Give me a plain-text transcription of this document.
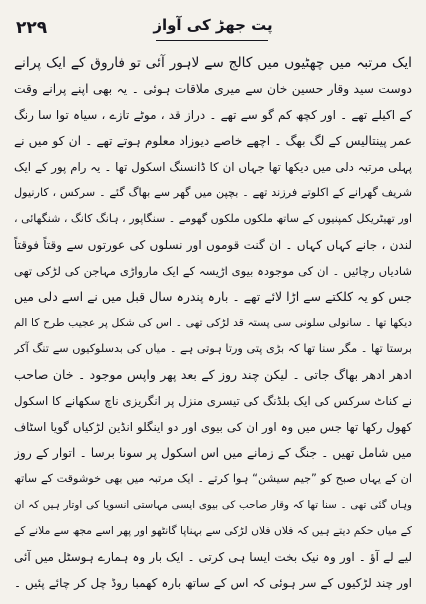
۲۲۹	پت جھڑ کی آواز
ایک مرتبہ میں چھٹیوں میں کالج سے لاہور آئی تو فاروق کے ایک پرانے
دوست سید وقار حسین خان سے میری ملاقات ہوئی ۔ یہ بھی اپنے پرانے وقت
کے اکیلے تھے ۔ اور کچھ کم گو سے تھے ۔ دراز قد ، موٹے تازے ، سیاہ توا سا رنگ
عمر پینتالیس کے لگ بھگ ۔ اچھے خاصے دیوزاد معلوم ہوتے تھے ۔ ان کو میں نے
پہلی مرتبہ دلی میں دیکھا تھا جہاں ان کا ڈانسنگ اسکول تھا ۔ یہ رام پور کے ایک
شریف گھرانے کے اکلوتے فرزند تھے ۔ بچپن میں گھر سے بھاگ گئے ۔ سرکس ، کارنیول
اور تھیٹریکل کمپنیوں کے ساتھ ملکوں ملکوں گھومے ۔ سنگاپور ، ہانگ کانگ ، شنگھائی ،
لندن ، جانے کہاں کہاں ۔ ان گنت قوموں اور نسلوں کی عورتوں سے وقتاً فوقتاً
شادیاں رچائیں ۔ ان کی موجودہ بیوی اڑیسہ کے ایک مارواڑی مہاجن کی لڑکی تھی
جس کو یہ کلکتے سے اڑا لائے تھے ۔ بارہ پندرہ سال قبل میں نے اسے دلی میں
دیکھا تھا ۔ سانولی سلونی سی پستہ قد لڑکی تھی ۔ اس کی شکل پر عجیب طرح کا الم
برستا تھا ۔ مگر سنا تھا کہ بڑی پتی ورتا ہوتی ہے ۔ میاں کی بدسلوکیوں سے تنگ آکر
ادھر ادھر بھاگ جاتی ۔ لیکن چند روز کے بعد پھر واپس موجود ۔ خان صاحب
نے کناٹ سرکس کی ایک بلڈنگ کی تیسری منزل پر انگریزی ناچ سکھانے کا اسکول
کھول رکھا تھا جس میں وہ اور ان کی بیوی اور دو اینگلو انڈین لڑکیاں گویا اسٹاف
میں شامل تھیں ۔ جنگ کے زمانے میں اس اسکول پر سونا برسا ۔ اتوار کے روز
ان کے یہاں صبح کو ”جیم سیشن“ ہوا کرتے ۔ ایک مرتبہ میں بھی خوشوقت کے ساتھ
وہاں گئی تھی ۔ سنا تھا کہ وقار صاحب کی بیوی ایسی مہاستی انسویا کی اوتار ہیں کہ ان
کے میاں حکم دیتے ہیں کہ فلاں فلاں لڑکی سے بہناپا گانٹھو اور پھر اسے مجھ سے ملانے کے
لیے لے آؤ ۔ اور وہ نیک بخت ایسا ہی کرتی ۔ ایک بار وہ ہمارے ہوسٹل میں آئی
اور چند لڑکیوں کے سر ہوئی کہ اس کے ساتھ بارہ کھمبا روڈ چل کر چائے پئیں ۔
